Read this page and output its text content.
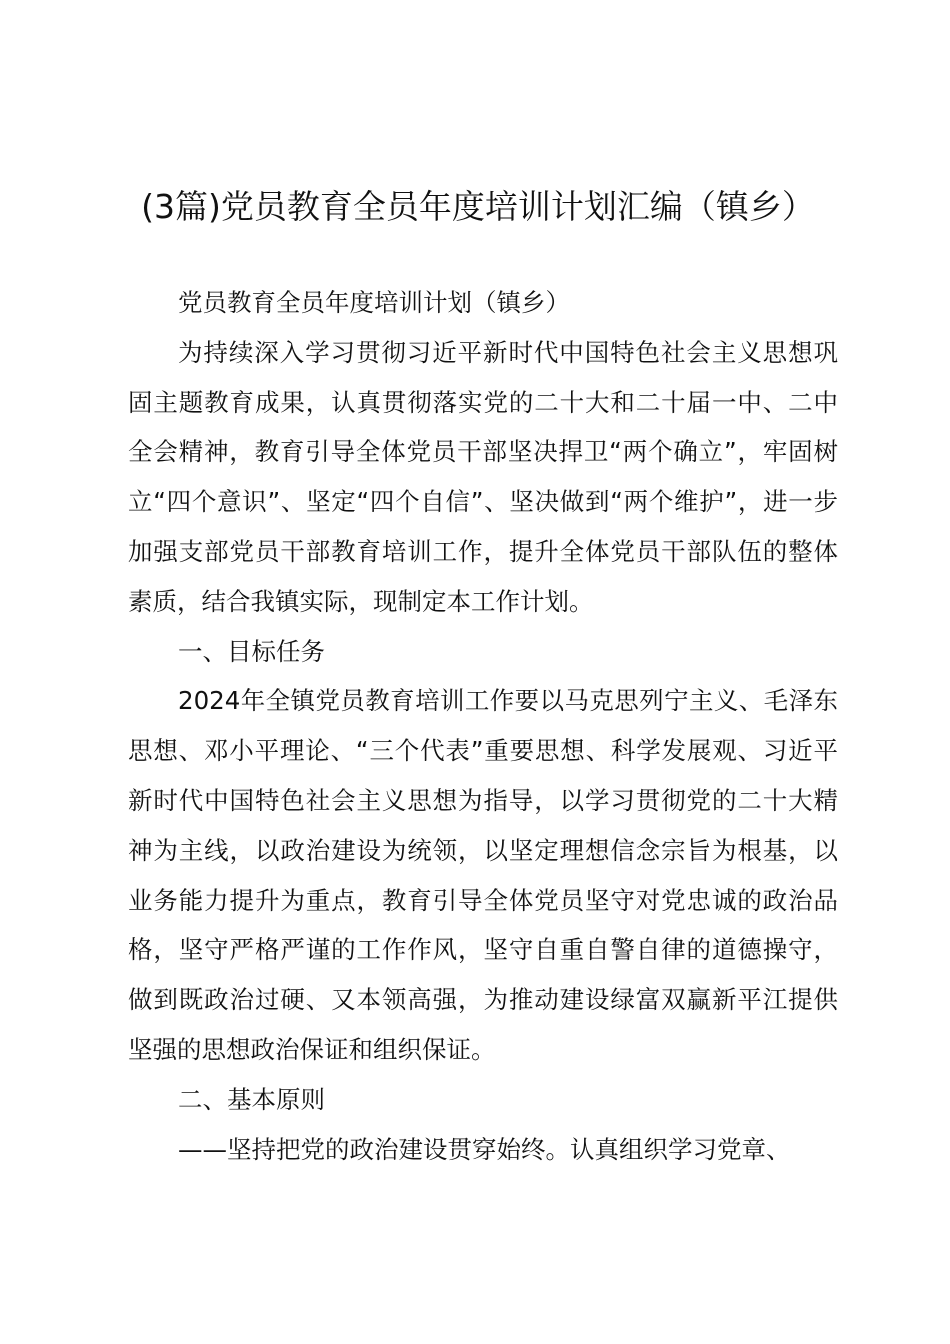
(3篇)党员教育全员年度培训计划汇编（镇乡）

党员教育全员年度培训计划（镇乡）

为持续深入学习贯彻习近平新时代中国特色社会主义思想巩固主题教育成果，认真贯彻落实党的二十大和二十届一中、二中全会精神，教育引导全体党员干部坚决捍卫“两个确立”，牢固树立“四个意识”、坚定“四个自信”、坚决做到“两个维护”，进一步加强支部党员干部教育培训工作，提升全体党员干部队伍的整体素质，结合我镇实际，现制定本工作计划。

一、目标任务

2024年全镇党员教育培训工作要以马克思列宁主义、毛泽东思想、邓小平理论、“三个代表”重要思想、科学发展观、习近平新时代中国特色社会主义思想为指导，以学习贯彻党的二十大精神为主线，以政治建设为统领，以坚定理想信念宗旨为根基，以业务能力提升为重点，教育引导全体党员坚守对党忠诚的政治品格，坚守严格严谨的工作作风，坚守自重自警自律的道德操守，做到既政治过硬、又本领高强，为推动建设绿富双赢新平江提供坚强的思想政治保证和组织保证。

二、基本原则

——坚持把党的政治建设贯穿始终。认真组织学习党章、
